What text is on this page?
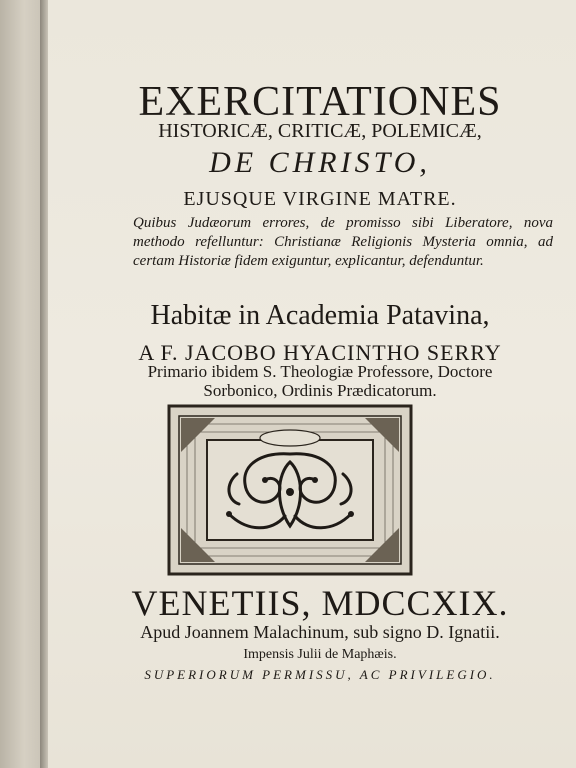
EXERCITATIONES
HISTORICÆ, CRITICÆ, POLEMICÆ,
DE CHRISTO,
EJUSQUE VIRGINE MATRE.
Quibus Judæorum errores, de promisso sibi Liberatore, nova methodo refelluntur: Christianæ Religionis Mysteria omnia, ad certam Historiæ fidem exiguntur, explicantur, defenduntur.
Habitæ in Academia Patavina,
A F. JACOBO HYACINTHO SERRY
Primario ibidem S. Theologiæ Professore, Doctore
Sorbonico, Ordinis Prædicatorum.
VENETIIS, MDCCXIX.
Apud Joannem Malachinum, sub signo D. Ignatii.
Impensis Julii de Maphæis.
SUPERIORUM PERMISSU, AC PRIVILEGIO.
